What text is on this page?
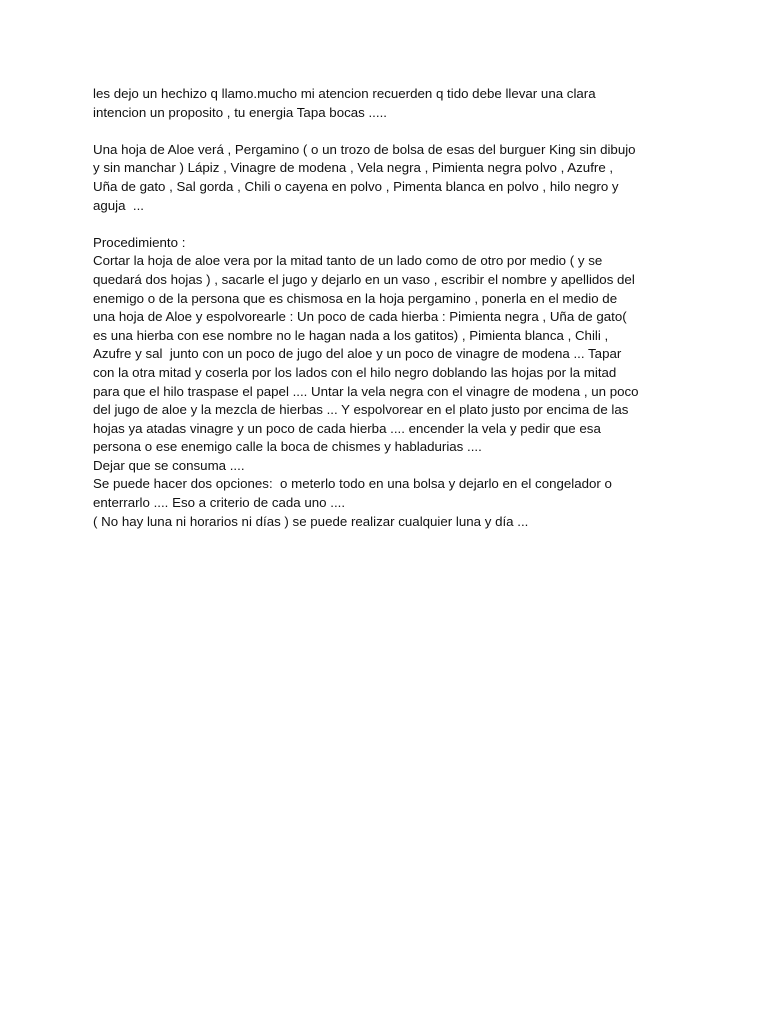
les dejo un hechizo q llamo.mucho mi atencion recuerden q tido debe llevar una clara
intencion un proposito , tu energia Tapa bocas .....
Una hoja de Aloe verá , Pergamino ( o un trozo de bolsa de esas del burguer King sin dibujo
y sin manchar ) Lápiz , Vinagre de modena , Vela negra , Pimienta negra polvo , Azufre ,
Uña de gato , Sal gorda , Chili o cayena en polvo , Pimenta blanca en polvo , hilo negro y
aguja  ...
Procedimiento :
Cortar la hoja de aloe vera por la mitad tanto de un lado como de otro por medio ( y se
quedará dos hojas ) , sacarle el jugo y dejarlo en un vaso , escribir el nombre y apellidos del
enemigo o de la persona que es chismosa en la hoja pergamino , ponerla en el medio de
una hoja de Aloe y espolvorearle : Un poco de cada hierba : Pimienta negra , Uña de gato(
es una hierba con ese nombre no le hagan nada a los gatitos) , Pimienta blanca , Chili ,
Azufre y sal  junto con un poco de jugo del aloe y un poco de vinagre de modena ... Tapar
con la otra mitad y coserla por los lados con el hilo negro doblando las hojas por la mitad
para que el hilo traspase el papel .... Untar la vela negra con el vinagre de modena , un poco
del jugo de aloe y la mezcla de hierbas ... Y espolvorear en el plato justo por encima de las
hojas ya atadas vinagre y un poco de cada hierba .... encender la vela y pedir que esa
persona o ese enemigo calle la boca de chismes y habladurias ....
Dejar que se consuma ....
Se puede hacer dos opciones:  o meterlo todo en una bolsa y dejarlo en el congelador o
enterrarlo .... Eso a criterio de cada uno ....
( No hay luna ni horarios ni días ) se puede realizar cualquier luna y día ...
